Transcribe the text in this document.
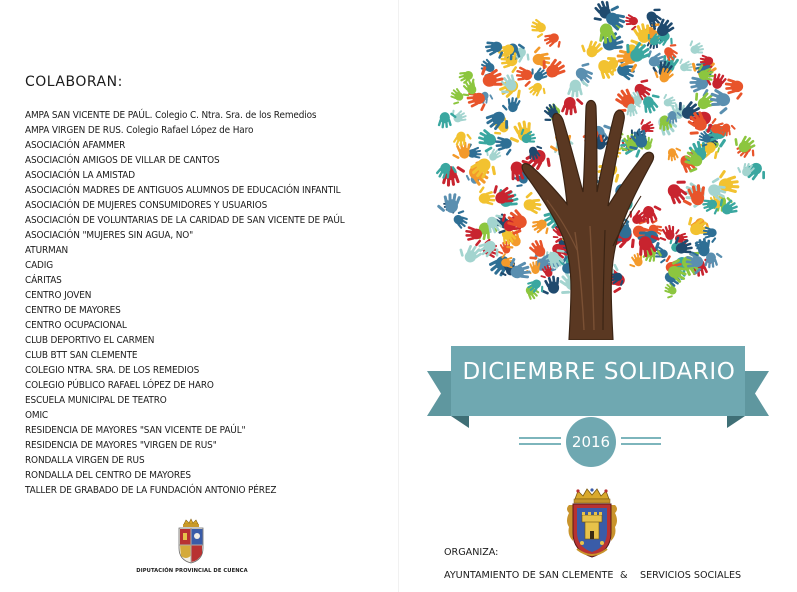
COLABORAN:
AMPA SAN VICENTE DE PAÚL. Colegio C. Ntra. Sra. de los Remedios
AMPA VIRGEN DE RUS. Colegio Rafael López de Haro
ASOCIACIÓN AFAMMER
ASOCIACIÓN AMIGOS DE VILLAR DE CANTOS
ASOCIACIÓN LA AMISTAD
ASOCIACIÓN MADRES DE ANTIGUOS ALUMNOS DE EDUCACIÓN INFANTIL
ASOCIACIÓN DE MUJERES CONSUMIDORES Y USUARIOS
ASOCIACIÓN DE VOLUNTARIAS DE LA CARIDAD DE SAN VICENTE DE PAÚL
ASOCIACIÓN "MUJERES SIN AGUA, NO"
ATURMAN
CADIG
CÁRITAS
CENTRO JOVEN
CENTRO DE MAYORES
CENTRO OCUPACIONAL
CLUB DEPORTIVO EL CARMEN
CLUB BTT SAN CLEMENTE
COLEGIO NTRA. SRA. DE LOS REMEDIOS
COLEGIO PÚBLICO RAFAEL LÓPEZ DE HARO
ESCUELA MUNICIPAL DE TEATRO
OMIC
RESIDENCIA DE MAYORES "SAN VICENTE DE PAÚL"
RESIDENCIA DE MAYORES "VIRGEN DE RUS"
RONDALLA VIRGEN DE RUS
RONDALLA DEL CENTRO DE MAYORES
TALLER DE GRABADO DE LA FUNDACIÓN ANTONIO PÉREZ
DIPUTACIÓN PROVINCIAL DE CUENCA
DICIEMBRE SOLIDARIO
2016
ORGANIZA:
AYUNTAMIENTO DE SAN CLEMENTE & SERVICIOS SOCIALES
